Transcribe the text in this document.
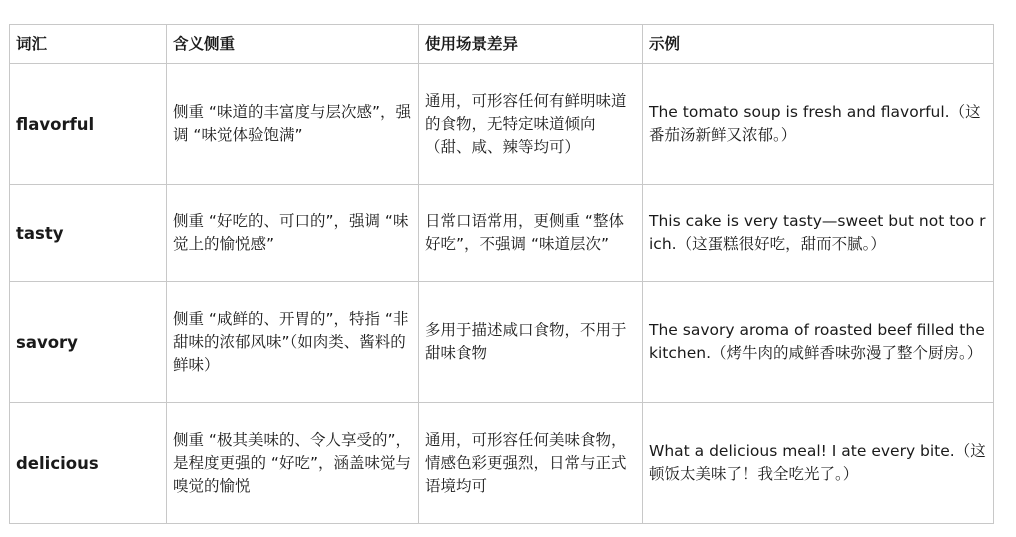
词汇	含义侧重	使用场景差异	示例
flavorful	侧重 “味道的丰富度与层次感”，强调 “味觉体验饱满”	通用，可形容任何有鲜明味道的食物，无特定味道倾向（甜、咸、辣等均可）	The tomato soup is fresh and flavorful.（这番茄汤新鲜又浓郁。）
tasty	侧重 “好吃的、可口的”，强调 “味觉上的愉悦感”	日常口语常用，更侧重 “整体好吃”，不强调 “味道层次”	This cake is very tasty—sweet but not too rich.（这蛋糕很好吃，甜而不腻。）
savory	侧重 “咸鲜的、开胃的”，特指 “非甜味的浓郁风味”（如肉类、酱料的鲜味）	多用于描述咸口食物，不用于甜味食物	The savory aroma of roasted beef filled the kitchen.（烤牛肉的咸鲜香味弥漫了整个厨房。）
delicious	侧重 “极其美味的、令人享受的”，是程度更强的 “好吃”，涵盖味觉与嗅觉的愉悦	通用，可形容任何美味食物，情感色彩更强烈，日常与正式语境均可	What a delicious meal! I ate every bite.（这顿饭太美味了！我全吃光了。）
